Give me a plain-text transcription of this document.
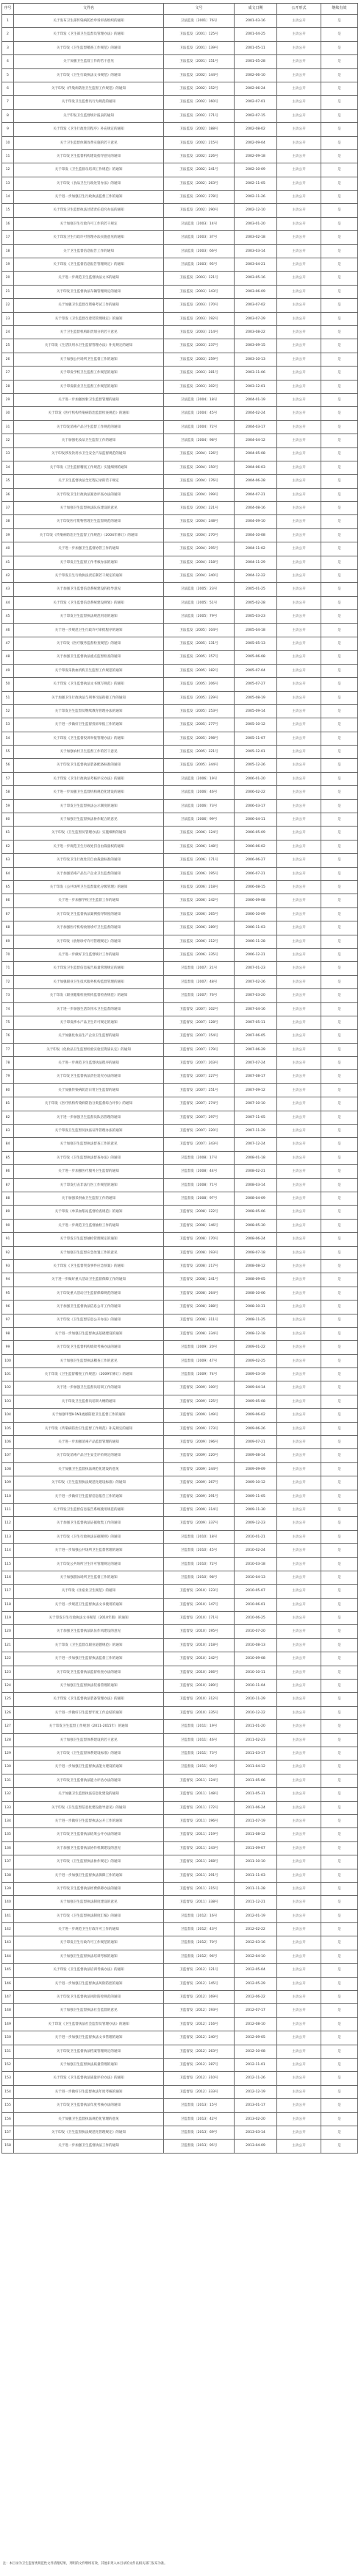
序号	文件名	文号	成文日期	公开形式	继续有效
1	关于发布卫生部传染病防治申诉审查组织的通知	卫法监发〔2001〕76号	2001-03-16	主动公开	是
2	关于印发《卫生部卫生监督员管理办法》的通知	卫法监发〔2001〕125号	2001-04-25	主动公开	是
3	关于印发《卫生监督稽查工作规范》的通知	卫法监发〔2001〕139号	2001-05-11	主动公开	是
4	关于加强卫生监督工作的若干意见	卫法监发〔2001〕151号	2001-05-28	主动公开	是
5	关于印发《卫生行政执法文书规范》的通知	卫法监发〔2002〕144号	2002-06-10	主动公开	是
6	关于印发《传染病防治卫生监督工作规范》的通知	卫法监发〔2002〕152号	2002-06-24	主动公开	是
7	关于印发卫生监督员行为规范的通知	卫法监发〔2002〕160号	2002-07-01	主动公开	是
8	关于印发卫生监督统计报表的通知	卫法监发〔2002〕171号	2002-07-15	主动公开	是
9	关于印发《卫生行政处罚程序》补充规定的通知	卫法监发〔2002〕188号	2002-08-02	主动公开	是
10	关于卫生监督体制改革实施的若干意见	卫法监发〔2002〕215号	2002-09-04	主动公开	是
11	关于印发卫生监督机构建设指导意见的通知	卫法监发〔2002〕226号	2002-09-18	主动公开	是
12	关于印发《卫生监督员培训工作规范》的通知	卫法监发〔2002〕241号	2002-10-09	主动公开	是
13	关于印发《食品卫生行政处罚办法》的通知	卫法监发〔2002〕263号	2002-11-05	主动公开	是
14	关于进一步加强卫生行政执法监督工作的通知	卫法监发〔2002〕278号	2002-11-26	主动公开	是
15	关于印发卫生监督执法过错责任追究办法的通知	卫法监发〔2002〕290号	2002-12-10	主动公开	是
16	关于加强卫生行政许可工作的若干规定	卫法监发〔2003〕14号	2003-01-20	主动公开	是
17	关于印发卫生行政许可管理办法实施意见的通知	卫法监发〔2003〕37号	2003-02-18	主动公开	是
18	关于卫生监督信息报告工作的通知	卫法监发〔2003〕66号	2003-03-14	主动公开	是
19	关于印发《卫生监督信息报告管理规定》的通知	卫法监发〔2003〕95号	2003-04-21	主动公开	是
20	关于进一步规范卫生监督执法文书的通知	卫法监发〔2003〕121号	2003-05-16	主动公开	是
21	关于印发卫生监督执法车辆管理规定的通知	卫法监发〔2003〕143号	2003-06-09	主动公开	是
22	关于加强卫生监督员资格考试工作的通知	卫法监发〔2003〕170号	2003-07-02	主动公开	是
23	关于印发《卫生监督员着装管理规定》的通知	卫法监发〔2003〕192号	2003-07-29	主动公开	是
24	关于卫生监督机构职责划分的若干意见	卫法监发〔2003〕214号	2003-08-22	主动公开	是
25	关于印发《生活饮用水卫生监督管理办法》补充规定的通知	卫法监发〔2003〕237号	2003-09-15	主动公开	是
26	关于加强公共场所卫生监督工作的通知	卫法监发〔2003〕259号	2003-10-13	主动公开	是
27	关于印发学校卫生监督工作规范的通知	卫法监发〔2003〕281号	2003-11-06	主动公开	是
28	关于印发职业卫生监督工作规范的通知	卫法监发〔2003〕302号	2003-12-01	主动公开	是
29	关于进一步加强放射卫生监督管理的通知	卫法监发〔2004〕18号	2004-01-19	主动公开	是
30	关于印发《医疗机构传染病防治监督检查规范》的通知	卫法监发〔2004〕45号	2004-02-24	主动公开	是
31	关于印发消毒产品卫生监督工作规范的通知	卫法监发〔2004〕72号	2004-03-17	主动公开	是
32	关于加强化妆品卫生监督工作的通知	卫法监发〔2004〕98号	2004-04-12	主动公开	是
33	关于印发涉及饮用水卫生安全产品监督规范的通知	卫法监发〔2004〕126号	2004-05-08	主动公开	是
34	关于印发《卫生监督稽查工作规范》实施细则的通知	卫法监发〔2004〕150号	2004-06-03	主动公开	是
35	关于卫生监督执法全过程记录的若干规定	卫法监发〔2004〕176号	2004-06-28	主动公开	是
36	关于印发卫生行政执法案卷评查办法的通知	卫法监发〔2004〕199号	2004-07-21	主动公开	是
37	关于加强卫生监督执法队伍建设的意见	卫法监发〔2004〕221号	2004-08-16	主动公开	是
38	关于印发医疗废物管理卫生监督规范的通知	卫法监发〔2004〕248号	2004-09-10	主动公开	是
39	关于印发《传染病防治卫生监督工作规范》（2004年修订）的通知	卫法监发〔2004〕270号	2004-10-08	主动公开	是
40	关于进一步加强卫生监督协管工作的通知	卫法监发〔2004〕295号	2004-11-02	主动公开	是
41	关于印发卫生监督工作考核办法的通知	卫法监发〔2004〕318号	2004-11-29	主动公开	是
42	关于印发卫生行政执法责任制若干规定的通知	卫法监发〔2004〕340号	2004-12-22	主动公开	是
43	关于加强卫生监督信息系统建设的指导意见	卫法监发〔2005〕23号	2005-01-25	主动公开	是
44	关于印发《卫生监督信息系统建设规划》的通知	卫法监发〔2005〕51号	2005-02-28	主动公开	是
45	关于印发卫生监督执法规范用语的通知	卫法监发〔2005〕79号	2005-03-23	主动公开	是
46	关于进一步规范卫生行政许可审批程序的通知	卫法监发〔2005〕104号	2005-04-18	主动公开	是
47	关于印发《医疗服务监督检查规范》的通知	卫法监发〔2005〕131号	2005-05-13	主动公开	是
48	关于加强卫生监督执法重点监督检查的通知	卫法监发〔2005〕157号	2005-06-08	主动公开	是
49	关于印发采供血机构卫生监督工作规范的通知	卫法监发〔2005〕182号	2005-07-04	主动公开	是
50	关于印发《卫生监督执法文书填写规范》的通知	卫法监发〔2005〕206号	2005-07-27	主动公开	是
51	关于加强卫生行政执法与刑事司法衔接工作的通知	卫法监发〔2005〕229号	2005-08-19	主动公开	是
52	关于印发卫生监督员继续教育管理办法的通知	卫法监发〔2005〕253号	2005-09-14	主动公开	是
53	关于进一步做好卫生监督投诉举报工作的通知	卫法监发〔2005〕277号	2005-10-12	主动公开	是
54	关于印发《卫生监督投诉举报管理办法》的通知	卫法监发〔2005〕298号	2005-11-07	主动公开	是
55	关于加强农村卫生监督工作的若干意见	卫法监发〔2005〕321号	2005-12-01	主动公开	是
56	关于印发卫生监督执法装备配备标准的通知	卫法监发〔2005〕344号	2005-12-26	主动公开	是
57	关于印发《卫生行政执法考核评议办法》的通知	卫法监发〔2006〕19号	2006-01-20	主动公开	是
58	关于进一步加强卫生监督机构规范化建设的通知	卫法监发〔2006〕46号	2006-02-22	主动公开	是
59	关于印发卫生监督执法公示制度的通知	卫法监发〔2006〕73号	2006-03-17	主动公开	是
60	关于加强卫生监督执法协作配合的意见	卫法监发〔2006〕99号	2006-04-11	主动公开	是
61	关于印发《卫生监督员管理办法》实施细则的通知	卫法监发〔2006〕124号	2006-05-09	主动公开	是
62	关于进一步规范卫生行政处罚自由裁量权的通知	卫法监发〔2006〕148号	2006-06-02	主动公开	是
63	关于印发卫生行政处罚自由裁量标准的通知	卫法监发〔2006〕171号	2006-06-27	主动公开	是
64	关于加强消毒产品生产企业卫生监督的通知	卫法监发〔2006〕195号	2006-07-21	主动公开	是
65	关于印发《公共场所卫生监督量化分级管理》的通知	卫法监发〔2006〕218号	2006-08-15	主动公开	是
66	关于进一步加强学校卫生监督工作的通知	卫法监发〔2006〕242号	2006-09-08	主动公开	是
67	关于印发卫生监督执法案例指导制度的通知	卫法监发〔2006〕265号	2006-10-09	主动公开	是
68	关于加强医疗机构放射诊疗卫生监督的通知	卫法监发〔2006〕289号	2006-11-03	主动公开	是
69	关于印发《放射诊疗许可管理规定》的通知	卫法监发〔2006〕312号	2006-11-28	主动公开	是
70	关于进一步做好卫生监督统计工作的通知	卫法监发〔2006〕335号	2006-12-21	主动公开	是
71	关于印发卫生监督信息报告质量管理规定的通知	卫监督发〔2007〕21号	2007-01-23	主动公开	是
72	关于加强职业卫生技术服务机构监督管理的通知	卫监督发〔2007〕48号	2007-02-26	主动公开	是
73	关于印发《职业健康检查机构监督检查规范》的通知	卫监督发〔2007〕76号	2007-03-20	主动公开	是
74	关于进一步加强生活饮用水卫生监督的通知	卫监督发〔2007〕102号	2007-04-16	主动公开	是
75	关于印发涉水产品卫生许可规定的通知	卫监督发〔2007〕128号	2007-05-11	主动公开	是
76	关于加强化妆品生产企业卫生监督的通知	卫监督发〔2007〕154号	2007-06-05	主动公开	是
77	关于印发《化妆品卫生监督检验实验室资质认定》的通知	卫监督发〔2007〕179号	2007-06-29	主动公开	是
78	关于进一步规范卫生监督执法程序的通知	卫监督发〔2007〕203号	2007-07-24	主动公开	是
79	关于印发卫生监督执法责任追究办法的通知	卫监督发〔2007〕227号	2007-08-17	主动公开	是
80	关于加强传染病防治日常卫生监督的通知	卫监督发〔2007〕251号	2007-09-12	主动公开	是
81	关于印发《医疗机构传染病防治分类监督综合评价》的通知	卫监督发〔2007〕274号	2007-10-10	主动公开	是
82	关于进一步加强卫生监督员队伍管理的通知	卫监督发〔2007〕297号	2007-11-05	主动公开	是
83	关于印发卫生监督员执法证件管理办法的通知	卫监督发〔2007〕320号	2007-11-29	主动公开	是
84	关于加强卫生监督执法督查工作的意见	卫监督发〔2007〕343号	2007-12-24	主动公开	是
85	关于印发《卫生监督执法督查办法》的通知	卫监督发〔2008〕17号	2008-01-18	主动公开	是
86	关于进一步加强医疗服务卫生监督的通知	卫监督发〔2008〕44号	2008-02-21	主动公开	是
87	关于印发打击非法行医工作规范的通知	卫监督发〔2008〕71号	2008-03-14	主动公开	是
88	关于加强采供血卫生监督工作的通知	卫监督发〔2008〕97号	2008-04-09	主动公开	是
89	关于印发《单采血浆站监督检查规范》的通知	卫监督发〔2008〕122号	2008-05-06	主动公开	是
90	关于进一步规范卫生监督抽检工作的通知	卫监督发〔2008〕146号	2008-05-30	主动公开	是
91	关于印发卫生监督抽检管理规定的通知	卫监督发〔2008〕170号	2008-06-24	主动公开	是
92	关于加强卫生监督应急处置工作的意见	卫监督发〔2008〕193号	2008-07-18	主动公开	是
93	关于印发《卫生监督突发事件应急预案》的通知	卫监督发〔2008〕217号	2008-08-12	主动公开	是
94	关于进一步做好重大活动卫生监督保障工作的通知	卫监督发〔2008〕241号	2008-09-05	主动公开	是
95	关于印发重大活动卫生监督保障规范的通知	卫监督发〔2008〕264号	2008-10-06	主动公开	是
96	关于加强卫生监督执法信息公开工作的通知	卫监督发〔2008〕288号	2008-10-31	主动公开	是
97	关于印发《卫生监督信息公开办法》的通知	卫监督发〔2008〕311号	2008-11-25	主动公开	是
98	关于进一步加强卫生监督执法基础建设的通知	卫监督发〔2008〕334号	2008-12-18	主动公开	是
99	关于印发卫生监督机构绩效考核办法的通知	卫监督发〔2009〕20号	2009-01-22	主动公开	是
100	关于加强卫生监督执法稽查工作的意见	卫监督发〔2009〕47号	2009-02-25	主动公开	是
101	关于印发《卫生监督稽查工作规范》（2009年修订）的通知	卫监督发〔2009〕74号	2009-03-19	主动公开	是
102	关于进一步加强卫生监督员培训工作的通知	卫监督发〔2009〕100号	2009-04-14	主动公开	是
103	关于印发卫生监督员培训大纲的通知	卫监督发〔2009〕125号	2009-05-08	主动公开	是
104	关于加强甲型H1N1流感防控卫生监督工作的通知	卫监督发〔2009〕149号	2009-06-02	主动公开	是
105	关于印发《传染病防治卫生监督工作规范》补充规定的通知	卫监督发〔2009〕173号	2009-06-26	主动公开	是
106	关于进一步加强消毒产品监督管理的通知	卫监督发〔2009〕196号	2009-07-21	主动公开	是
107	关于印发消毒产品卫生安全评价规定的通知	卫监督发〔2009〕220号	2009-08-14	主动公开	是
108	关于加强卫生监督执法规范化建设的意见	卫监督发〔2009〕244号	2009-09-09	主动公开	是
109	关于印发《卫生监督执法规范化建设标准》的通知	卫监督发〔2009〕267号	2009-10-12	主动公开	是
110	关于进一步做好卫生监督信息报告工作的通知	卫监督发〔2009〕291号	2009-11-05	主动公开	是
111	关于印发卫生监督信息报告系统使用规范的通知	卫监督发〔2009〕314号	2009-11-30	主动公开	是
112	关于加强卫生监督执法证据收集工作的通知	卫监督发〔2009〕337号	2009-12-23	主动公开	是
113	关于印发《卫生行政执法证据规则》的通知	卫监督发〔2010〕18号	2010-01-21	主动公开	是
114	关于进一步加强公共场所卫生监督管理的通知	卫监督发〔2010〕45号	2010-02-24	主动公开	是
115	关于印发公共场所卫生许可管理规定的通知	卫监督发〔2010〕72号	2010-03-18	主动公开	是
116	关于加强游泳场所卫生监督工作的通知	卫监督发〔2010〕98号	2010-04-13	主动公开	是
117	关于印发《住宿业卫生规范》的通知	卫监督发〔2010〕123号	2010-05-07	主动公开	是
118	关于进一步规范卫生监督执法文书使用的通知	卫监督发〔2010〕147号	2010-06-01	主动公开	是
119	关于印发卫生行政执法文书规范（2010年版）的通知	卫监督发〔2010〕171号	2010-06-25	主动公开	是
120	关于加强卫生监督执法队伍作风建设的意见	卫监督发〔2010〕195号	2010-07-20	主动公开	是
121	关于印发《卫生监督员职业道德规范》的通知	卫监督发〔2010〕218号	2010-08-13	主动公开	是
122	关于进一步加强卫生监督执法监督工作的通知	卫监督发〔2010〕242号	2010-09-08	主动公开	是
123	关于印发卫生监督执法监督检查办法的通知	卫监督发〔2010〕266号	2010-10-11	主动公开	是
124	关于加强卫生监督执法装备管理的通知	卫监督发〔2010〕289号	2010-11-04	主动公开	是
125	关于印发《卫生监督执法装备管理办法》的通知	卫监督发〔2010〕312号	2010-11-29	主动公开	是
126	关于进一步做好卫生监督年度工作总结的通知	卫监督发〔2010〕335号	2010-12-22	主动公开	是
127	关于印发卫生监督工作规划（2011-2015年）的通知	卫监督发〔2011〕19号	2011-01-20	主动公开	是
128	关于加强卫生监督体系建设的若干意见	卫监督发〔2011〕46号	2011-02-23	主动公开	是
129	关于印发《卫生监督体系建设标准》的通知	卫监督发〔2011〕73号	2011-03-17	主动公开	是
130	关于进一步加强卫生监督执法能力建设的通知	卫监督发〔2011〕99号	2011-04-12	主动公开	是
131	关于印发卫生监督执法能力评估办法的通知	卫监督发〔2011〕124号	2011-05-06	主动公开	是
132	关于加强卫生监督执法信息化建设的通知	卫监督发〔2011〕148号	2011-05-31	主动公开	是
133	关于印发《卫生监督信息化建设指导意见》的通知	卫监督发〔2011〕172号	2011-06-24	主动公开	是
134	关于进一步做好卫生监督执法公开工作的通知	卫监督发〔2011〕196号	2011-07-19	主动公开	是
135	关于印发卫生监督执法结果公开办法的通知	卫监督发〔2011〕219号	2011-08-12	主动公开	是
136	关于加强卫生监督执法协作机制建设的意见	卫监督发〔2011〕243号	2011-09-07	主动公开	是
137	关于印发《卫生监督执法协作规定》的通知	卫监督发〔2011〕268号	2011-10-10	主动公开	是
138	关于进一步加强卫生监督执法保障工作的通知	卫监督发〔2011〕291号	2011-11-03	主动公开	是
139	关于印发卫生监督执法经费保障办法的通知	卫监督发〔2011〕315号	2011-11-28	主动公开	是
140	关于加强卫生监督执法制度建设的意见	卫监督发〔2011〕338号	2011-12-21	主动公开	是
141	关于印发《卫生监督执法制度汇编》的通知	卫监督发〔2012〕16号	2012-01-19	主动公开	是
142	关于进一步规范卫生行政许可工作的通知	卫监督发〔2012〕43号	2012-02-22	主动公开	是
143	关于印发卫生行政许可工作规范的通知	卫监督发〔2012〕70号	2012-03-16	主动公开	是
144	关于加强卫生监督执法培训考核的通知	卫监督发〔2012〕96号	2012-04-10	主动公开	是
145	关于印发《卫生监督执法培训考核办法》的通知	卫监督发〔2012〕121号	2012-05-04	主动公开	是
146	关于进一步加强卫生监督执法风险防控的通知	卫监督发〔2012〕145号	2012-05-29	主动公开	是
147	关于印发卫生监督执法风险防控规范的通知	卫监督发〔2012〕169号	2012-06-22	主动公开	是
148	关于加强卫生监督执法社会监督的意见	卫监督发〔2012〕193号	2012-07-17	主动公开	是
149	关于印发《卫生监督执法社会监督员管理办法》的通知	卫监督发〔2012〕216号	2012-08-10	主动公开	是
150	关于进一步加强卫生监督执法文书管理的通知	卫监督发〔2012〕240号	2012-09-05	主动公开	是
151	关于印发卫生监督执法档案管理规定的通知	卫监督发〔2012〕263号	2012-10-08	主动公开	是
152	关于加强卫生监督执法质量管理的通知	卫监督发〔2012〕287号	2012-11-01	主动公开	是
153	关于印发《卫生监督执法质量评价办法》的通知	卫监督发〔2012〕310号	2012-11-26	主动公开	是
154	关于进一步做好卫生监督执法年度考核的通知	卫监督发〔2012〕333号	2012-12-19	主动公开	是
155	关于印发卫生监督执法年度考核办法的通知	卫监督发〔2013〕15号	2013-01-17	主动公开	是
156	关于加强卫生监督执法规范化管理的意见	卫监督发〔2013〕42号	2013-02-20	主动公开	是
157	关于印发《卫生监督执法规范化管理规定》的通知	卫监督发〔2013〕69号	2013-03-14	主动公开	是
158	关于进一步加强卫生监督执法工作的通知	卫监督发〔2013〕95号	2013-04-09	主动公开	是
注：本目录为卫生监督类规范性文件清理结果，列明的文件继续有效，其他未列入本目录的文件以相关部门发布为准。
